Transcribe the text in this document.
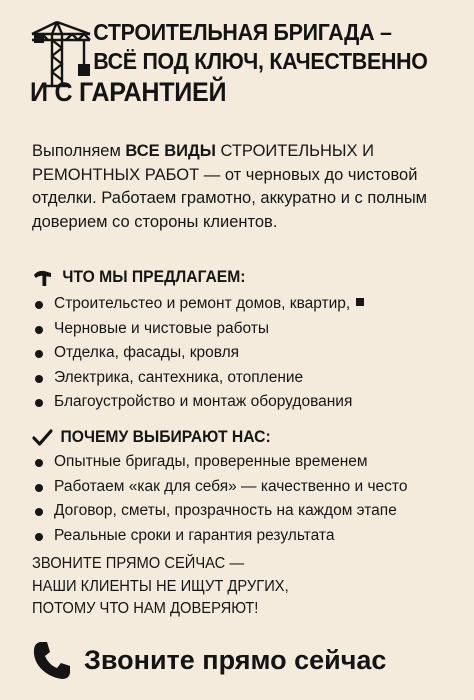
СТРОИТЕЛЬНАЯ БРИГАДА –
ВСЁ ПОД КЛЮЧ, КАЧЕСТВЕННО
И С ГАРАНТИЕЙ

Выполняем ВСЕ ВИДЫ СТРОИТЕЛЬНЫХ И РЕМОНТНЫХ РАБОТ — от черновых до чистовой отделки. Работаем грамотно, аккуратно и с полным доверием со стороны клиентов.

ЧТО МЫ ПРЕДЛАГАЕМ:
Строительстео и ремонт домов, квартир,
Черновые и чистовые работы
Отделка, фасады, кровля
Электрика, сантехника, отопление
Благоустройство и монтаж оборудования
ПОЧЕМУ ВЫБИРАЮТ НАС:
Опытные бригады, проверенные временем
Работаем «как для себя» — качественно и често
Договор, сметы, прозрачность на каждом этапе
Реальные сроки и гарантия результата
ЗВОНИТЕ ПРЯМО СЕЙЧАС —
НАШИ КЛИЕНТЫ НЕ ИЩУТ ДРУГИХ,
ПОТОМУ ЧТО НАМ ДОВЕРЯЮТ!
Звоните прямо сейчас
